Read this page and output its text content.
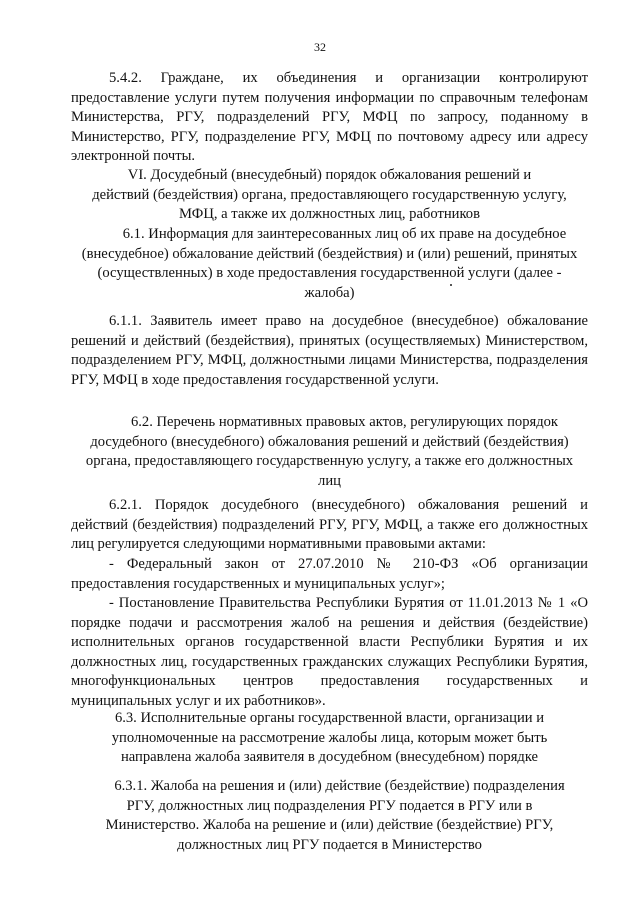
32

5.4.2. Граждане, их объединения и организации контролируют предоставление услуги путем получения информации по справочным телефонам Министерства, РГУ, подразделений РГУ, МФЦ по запросу, поданному в Министерство, РГУ, подразделение РГУ, МФЦ по почтовому адресу или адресу электронной почты.

VI. Досудебный (внесудебный) порядок обжалования решений и
действий (бездействия) органа, предоставляющего государственную услугу,
МФЦ, а также их должностных лиц, работников
6.1. Информация для заинтересованных лиц об их праве на досудебное
(внесудебное) обжалование действий (бездействия) и (или) решений, принятых
(осуществленных) в ходе предоставления государственной услуги (далее -
жалоба)

6.1.1. Заявитель имеет право на досудебное (внесудебное) обжалование решений и действий (бездействия), принятых (осуществляемых) Министерством, подразделением РГУ, МФЦ, должностными лицами Министерства, подразделения РГУ, МФЦ в ходе предоставления государственной услуги.

6.2. Перечень нормативных правовых актов, регулирующих порядок
досудебного (внесудебного) обжалования решений и действий (бездействия)
органа, предоставляющего государственную услугу, а также его должностных
лиц

6.2.1. Порядок досудебного (внесудебного) обжалования решений и действий (бездействия) подразделений РГУ, РГУ, МФЦ, а также его должностных лиц регулируется следующими нормативными правовыми актами:

- Федеральный закон от 27.07.2010 № 210-ФЗ «Об организации предоставления государственных и муниципальных услуг»;

- Постановление Правительства Республики Бурятия от 11.01.2013 № 1 «О порядке подачи и рассмотрения жалоб на решения и действия (бездействие) исполнительных органов государственной власти Республики Бурятия и их должностных лиц, государственных гражданских служащих Республики Бурятия, многофункциональных центров предоставления государственных и муниципальных услуг и их работников».

6.3. Исполнительные органы государственной власти, организации и
уполномоченные на рассмотрение жалобы лица, которым может быть
направлена жалоба заявителя в досудебном (внесудебном) порядке
6.3.1. Жалоба на решения и (или) действие (бездействие) подразделения
РГУ, должностных лиц подразделения РГУ подается в РГУ или в
Министерство. Жалоба на решение и (или) действие (бездействие) РГУ,
должностных лиц РГУ подается в Министерство
